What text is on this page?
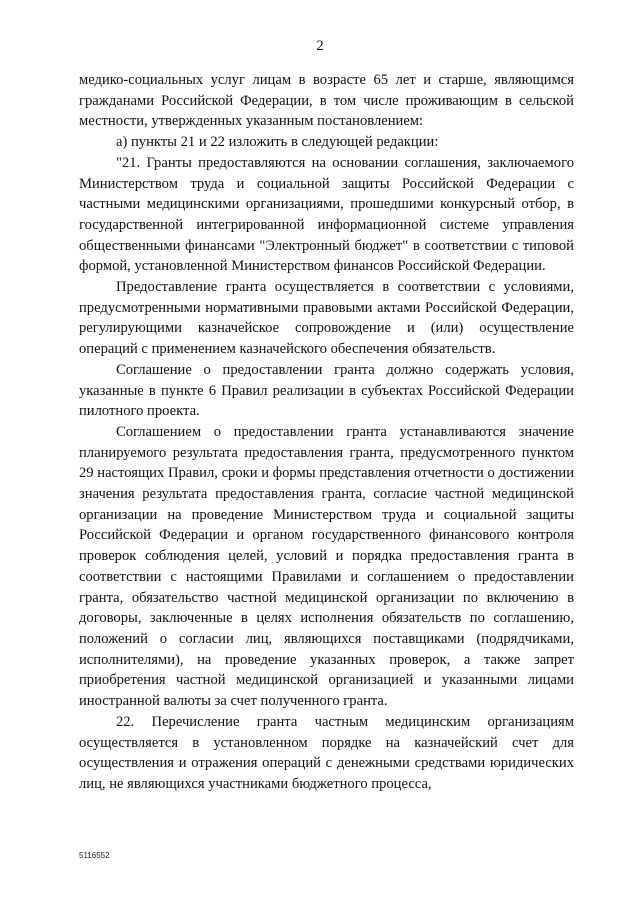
2

медико-социальных услуг лицам в возрасте 65 лет и старше, являющимся гражданами Российской Федерации, в том числе проживающим в сельской местности, утвержденных указанным постановлением:

а) пункты 21 и 22 изложить в следующей редакции:

"21. Гранты предоставляются на основании соглашения, заключаемого Министерством труда и социальной защиты Российской Федерации с частными медицинскими организациями, прошедшими конкурсный отбор, в государственной интегрированной информационной системе управления общественными финансами "Электронный бюджет" в соответствии с типовой формой, установленной Министерством финансов Российской Федерации.

Предоставление гранта осуществляется в соответствии с условиями, предусмотренными нормативными правовыми актами Российской Федерации, регулирующими казначейское сопровождение и (или) осуществление операций с применением казначейского обеспечения обязательств.

Соглашение о предоставлении гранта должно содержать условия, указанные в пункте 6 Правил реализации в субъектах Российской Федерации пилотного проекта.

Соглашением о предоставлении гранта устанавливаются значение планируемого результата предоставления гранта, предусмотренного пунктом 29 настоящих Правил, сроки и формы представления отчетности о достижении значения результата предоставления гранта, согласие частной медицинской организации на проведение Министерством труда и социальной защиты Российской Федерации и органом государственного финансового контроля проверок соблюдения целей, условий и порядка предоставления гранта в соответствии с настоящими Правилами и соглашением о предоставлении гранта, обязательство частной медицинской организации по включению в договоры, заключенные в целях исполнения обязательств по соглашению, положений о согласии лиц, являющихся поставщиками (подрядчиками, исполнителями), на проведение указанных проверок, а также запрет приобретения частной медицинской организацией и указанными лицами иностранной валюты за счет полученного гранта.

22. Перечисление гранта частным медицинским организациям осуществляется в установленном порядке на казначейский счет для осуществления и отражения операций с денежными средствами юридических лиц, не являющихся участниками бюджетного процесса,

5116552
